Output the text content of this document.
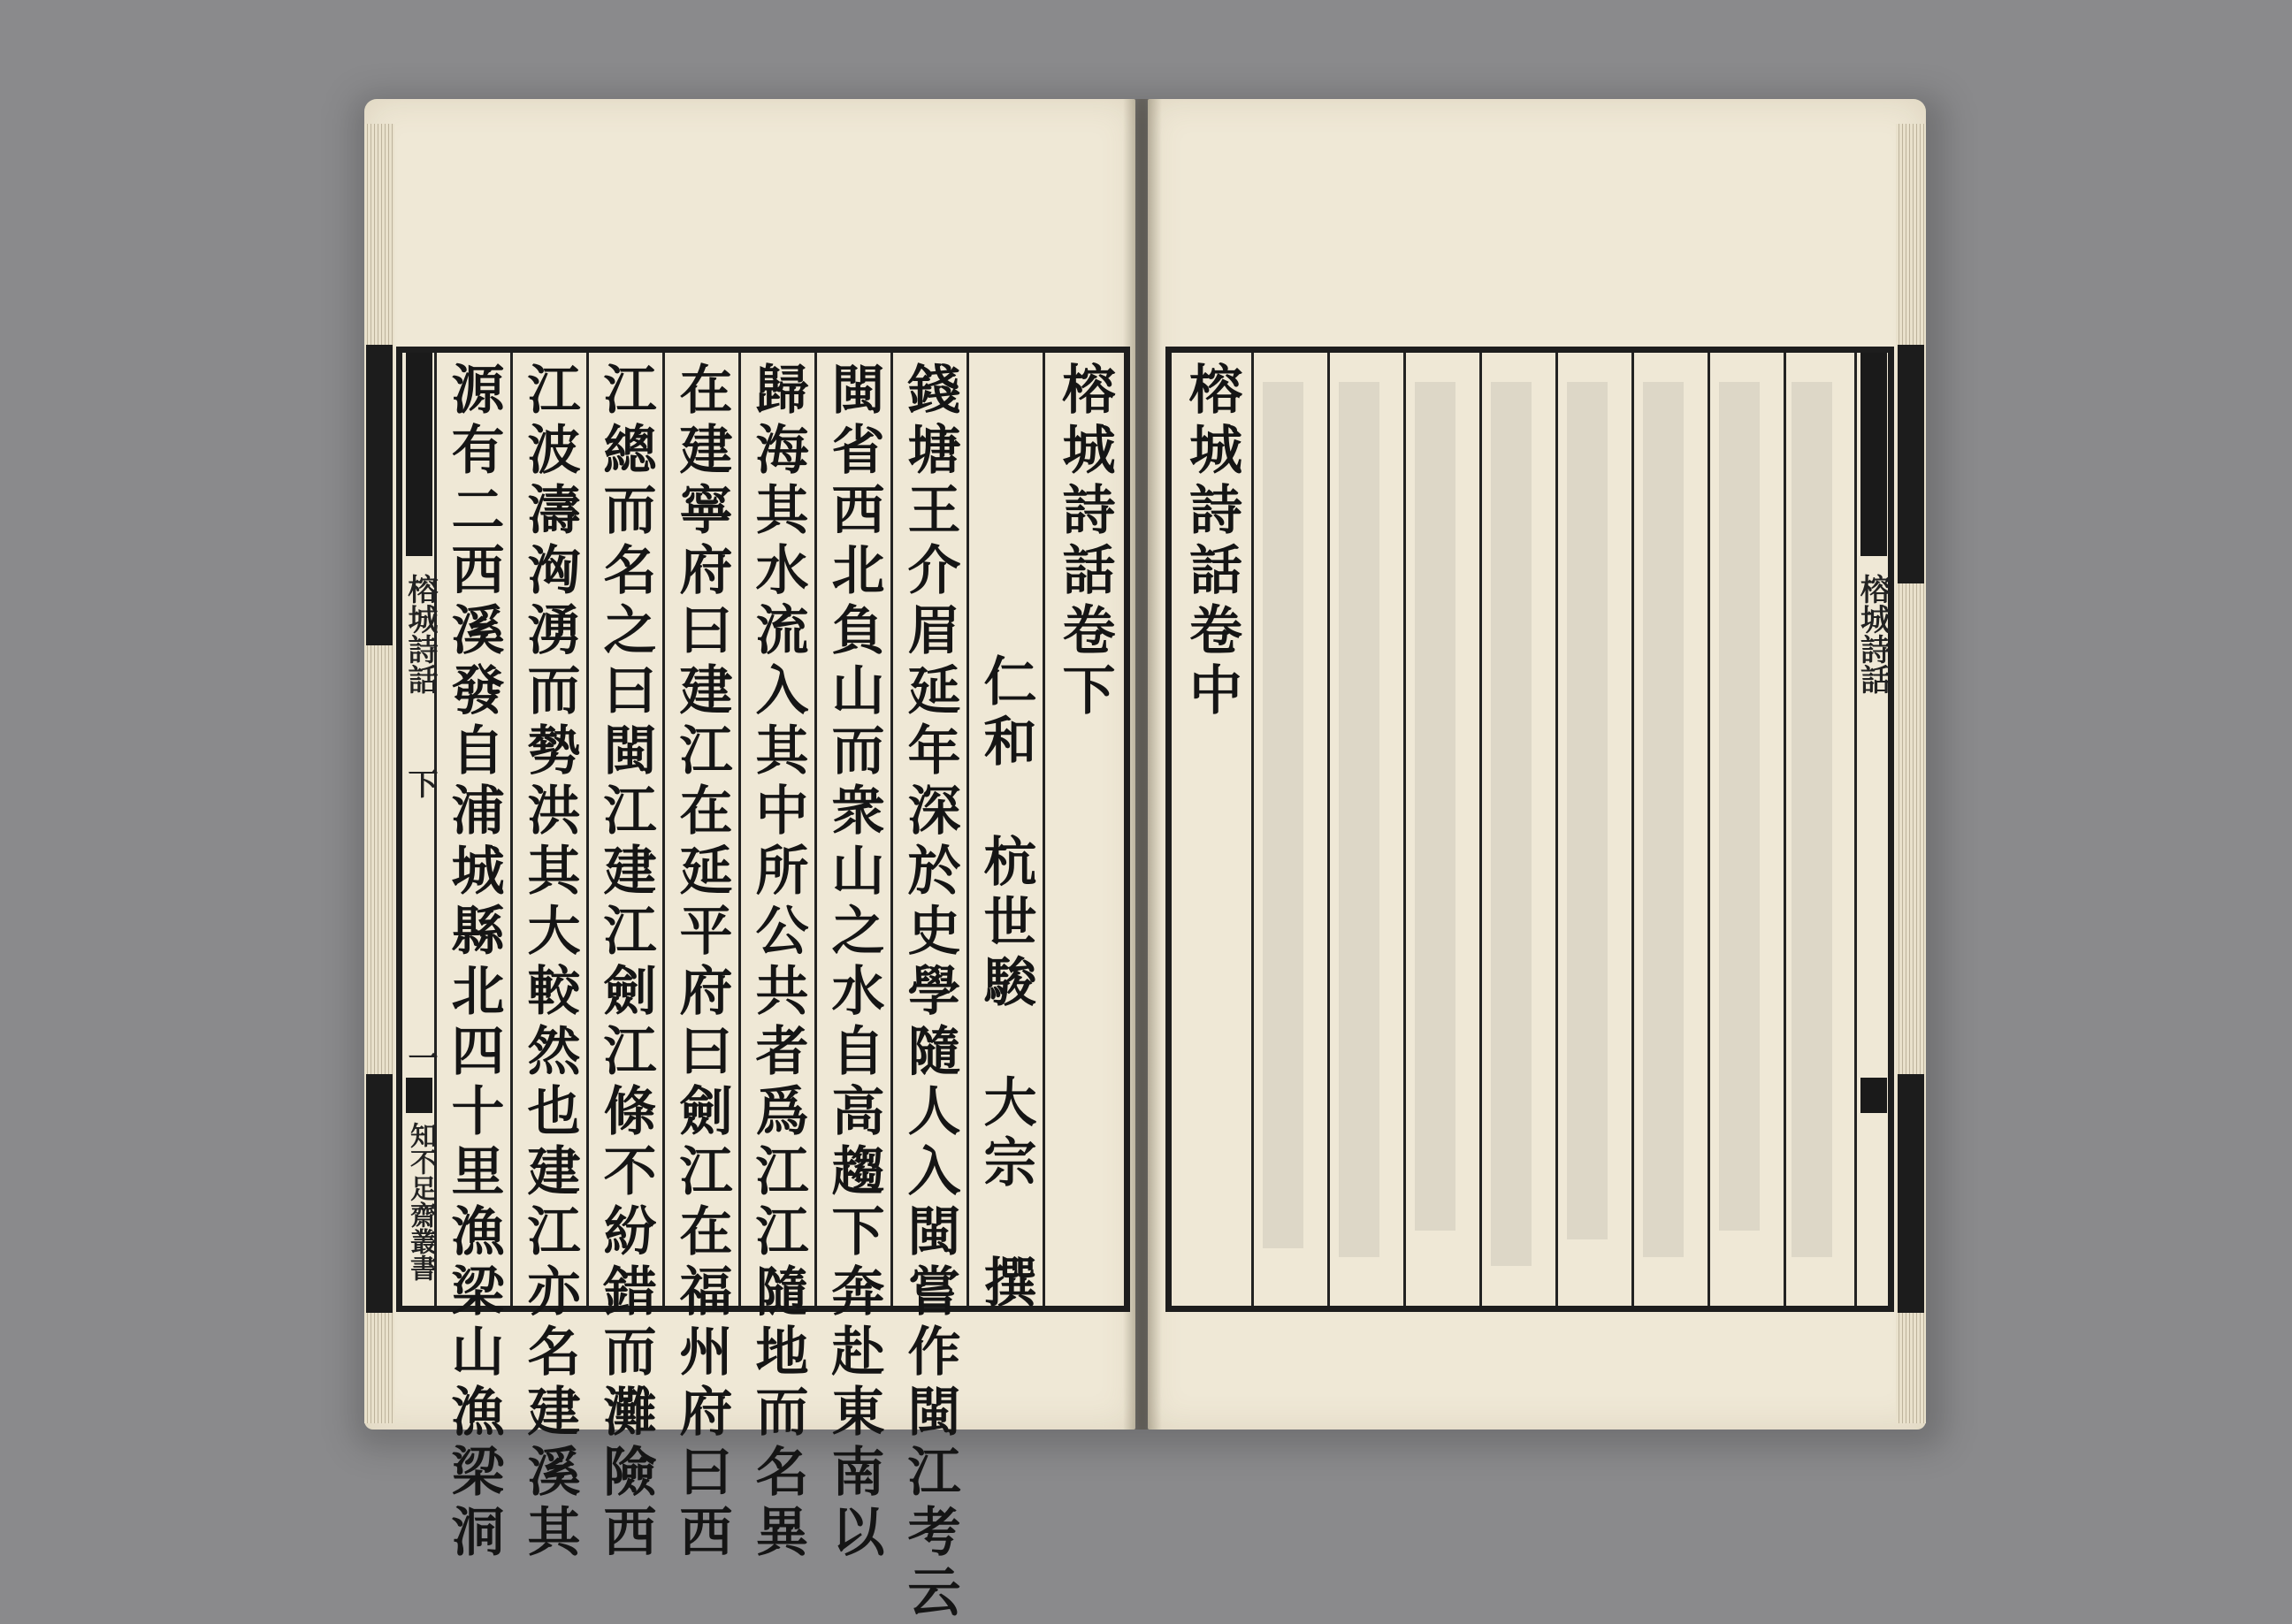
榕城詩話
下
一
知不足齋叢書 源有二西溪發自浦城縣北四十里漁梁山漁梁洞 江波濤洶湧而勢洪其大較然也建江亦名建溪其 江總而名之曰閩江建江劍江條不紛錯而灘險西 在建寧府曰建江在延平府曰劍江在福州府曰西 歸海其水流入其中所公共者爲江江隨地而名異 閩省西北負山而衆山之水自高趨下奔赴東南以 錢塘王介眉延年深於史學隨人入閩嘗作閩江考云 仁和　杭世駿　大宗　撰
榕城詩話卷下 榕城詩話卷中
　　　　　　　　　　　　　　　　	榕城詩話
